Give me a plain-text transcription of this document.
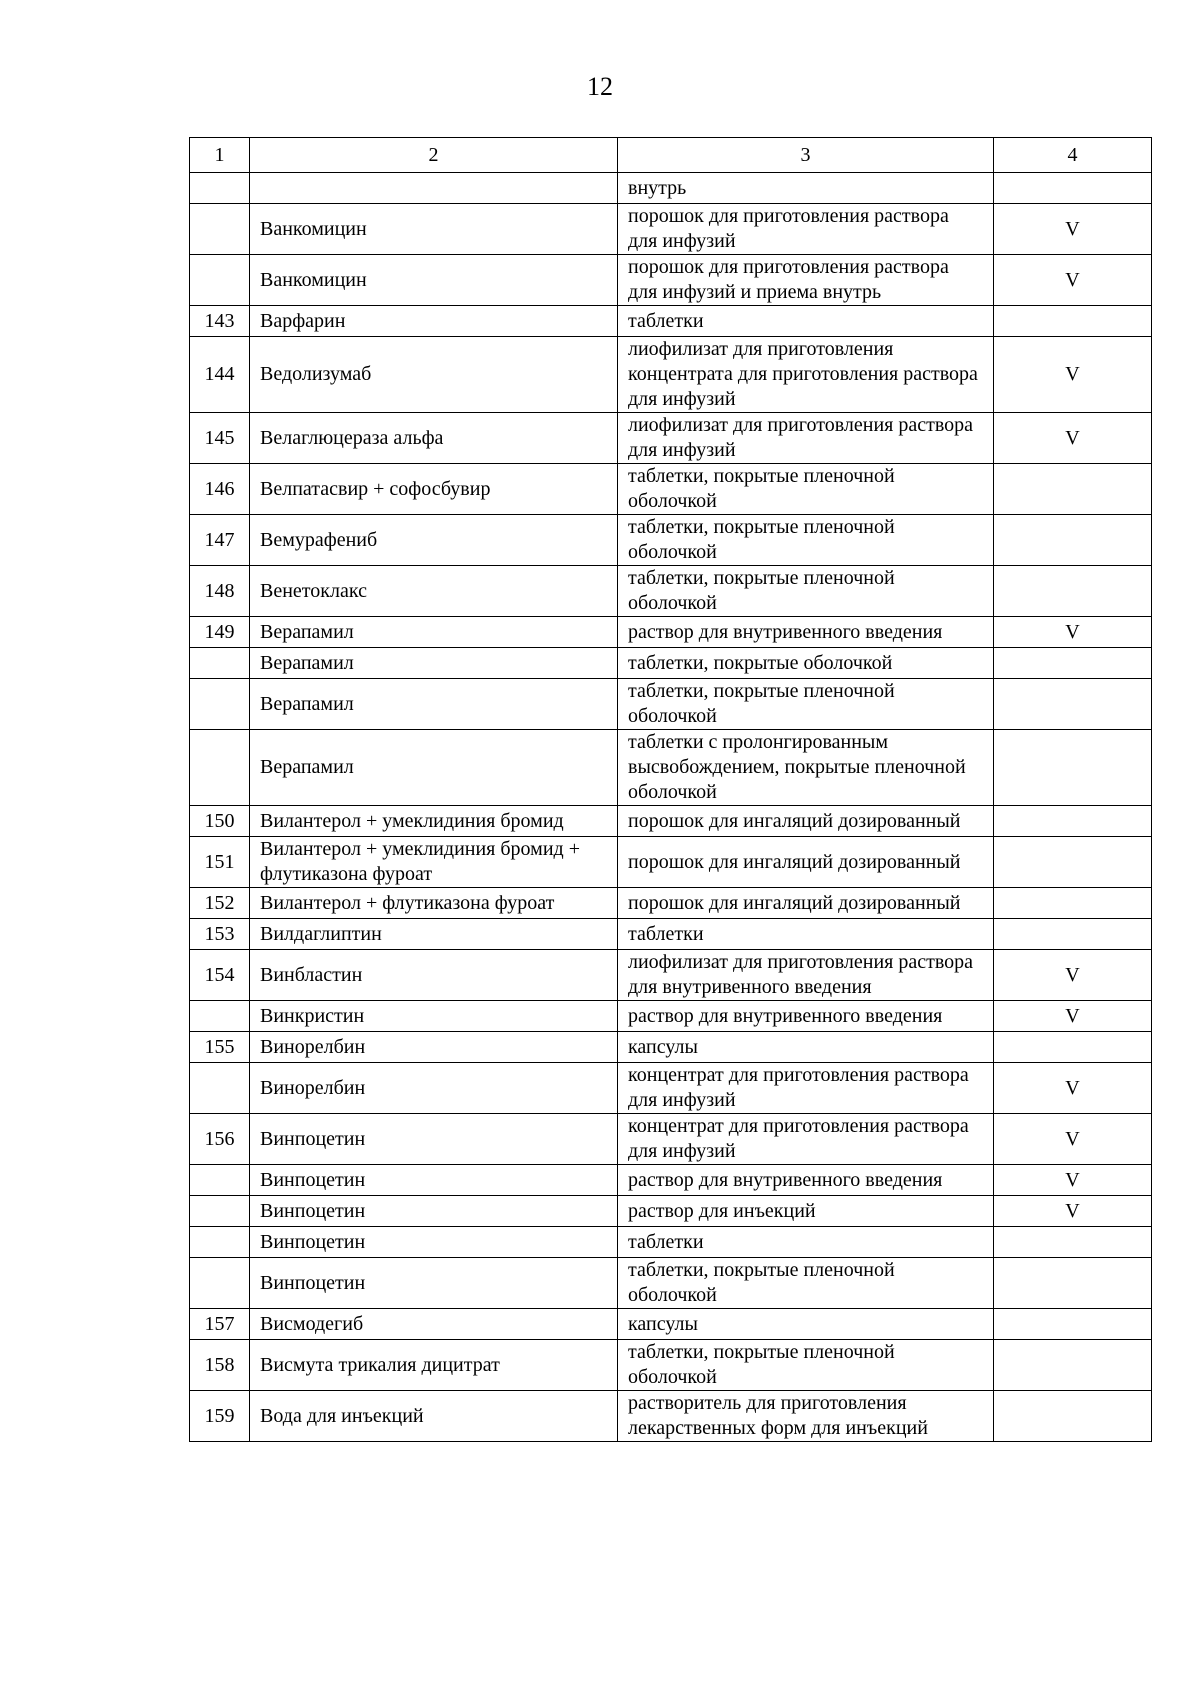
12
1	2	3	4
		внутрь	
	Ванкомицин	порошок для приготовления раствора для инфузий	V
	Ванкомицин	порошок для приготовления раствора для инфузий и приема внутрь	V
143	Варфарин	таблетки	
144	Ведолизумаб	лиофилизат для приготовления концентрата для приготовления раствора для инфузий	V
145	Велаглюцераза альфа	лиофилизат для приготовления раствора для инфузий	V
146	Велпатасвир + софосбувир	таблетки, покрытые пленочной оболочкой	
147	Вемурафениб	таблетки, покрытые пленочной оболочкой	
148	Венетоклакс	таблетки, покрытые пленочной оболочкой	
149	Верапамил	раствор для внутривенного введения	V
	Верапамил	таблетки, покрытые оболочкой	
	Верапамил	таблетки, покрытые пленочной оболочкой	
	Верапамил	таблетки с пролонгированным высвобождением, покрытые пленочной оболочкой	
150	Вилантерол + умеклидиния бромид	порошок для ингаляций дозированный	
151	Вилантерол + умеклидиния бромид + флутиказона фуроат	порошок для ингаляций дозированный	
152	Вилантерол + флутиказона фуроат	порошок для ингаляций дозированный	
153	Вилдаглиптин	таблетки	
154	Винбластин	лиофилизат для приготовления раствора для внутривенного введения	V
	Винкристин	раствор для внутривенного введения	V
155	Винорелбин	капсулы	
	Винорелбин	концентрат для приготовления раствора для инфузий	V
156	Винпоцетин	концентрат для приготовления раствора для инфузий	V
	Винпоцетин	раствор для внутривенного введения	V
	Винпоцетин	раствор для инъекций	V
	Винпоцетин	таблетки	
	Винпоцетин	таблетки, покрытые пленочной оболочкой	
157	Висмодегиб	капсулы	
158	Висмута трикалия дицитрат	таблетки, покрытые пленочной оболочкой	
159	Вода для инъекций	растворитель для приготовления лекарственных форм для инъекций	
